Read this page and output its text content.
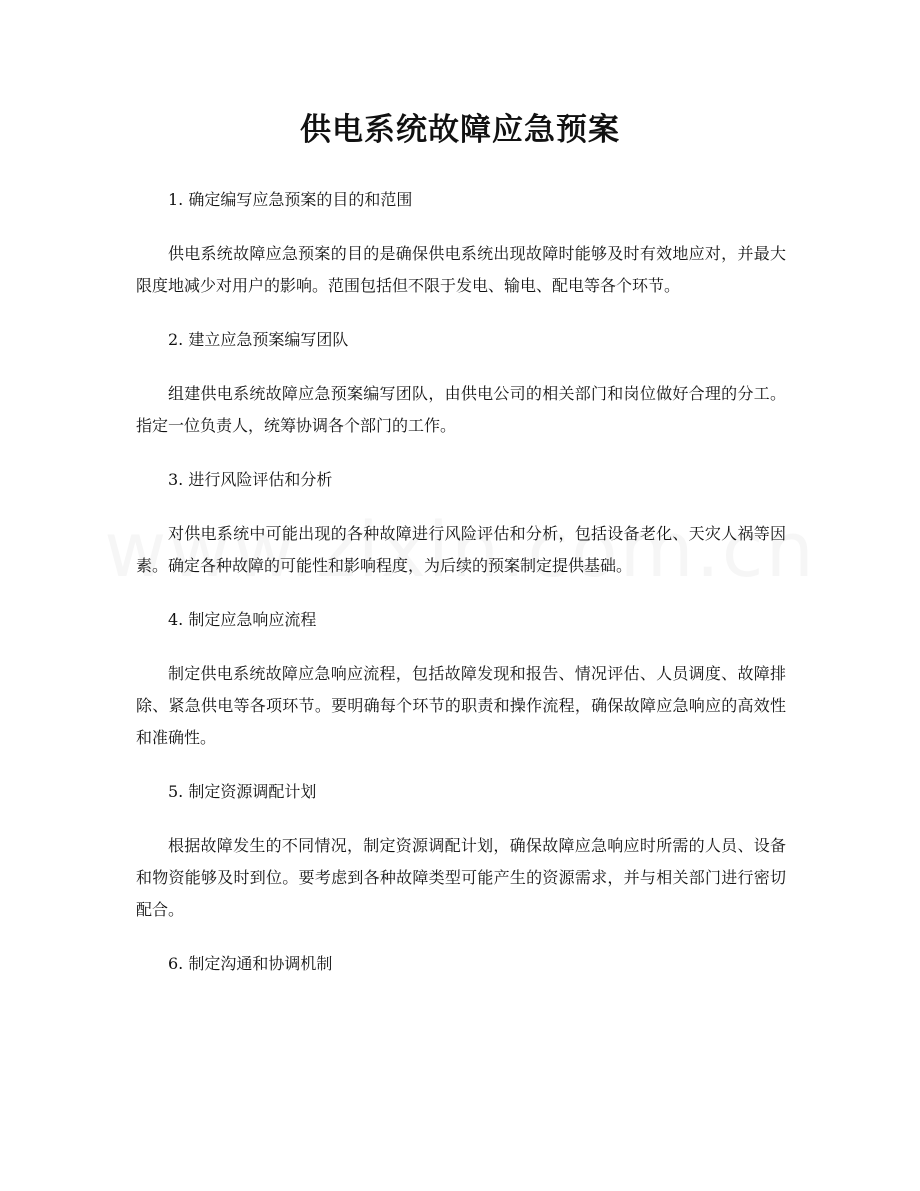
供电系统故障应急预案

1. 确定编写应急预案的目的和范围

供电系统故障应急预案的目的是确保供电系统出现故障时能够及时有效地应对，并最大限度地减少对用户的影响。范围包括但不限于发电、输电、配电等各个环节。

2. 建立应急预案编写团队

组建供电系统故障应急预案编写团队，由供电公司的相关部门和岗位做好合理的分工。指定一位负责人，统筹协调各个部门的工作。

3. 进行风险评估和分析

对供电系统中可能出现的各种故障进行风险评估和分析，包括设备老化、天灾人祸等因素。确定各种故障的可能性和影响程度，为后续的预案制定提供基础。

4. 制定应急响应流程

制定供电系统故障应急响应流程，包括故障发现和报告、情况评估、人员调度、故障排除、紧急供电等各项环节。要明确每个环节的职责和操作流程，确保故障应急响应的高效性和准确性。

5. 制定资源调配计划

根据故障发生的不同情况，制定资源调配计划，确保故障应急响应时所需的人员、设备和物资能够及时到位。要考虑到各种故障类型可能产生的资源需求，并与相关部门进行密切配合。

6. 制定沟通和协调机制
